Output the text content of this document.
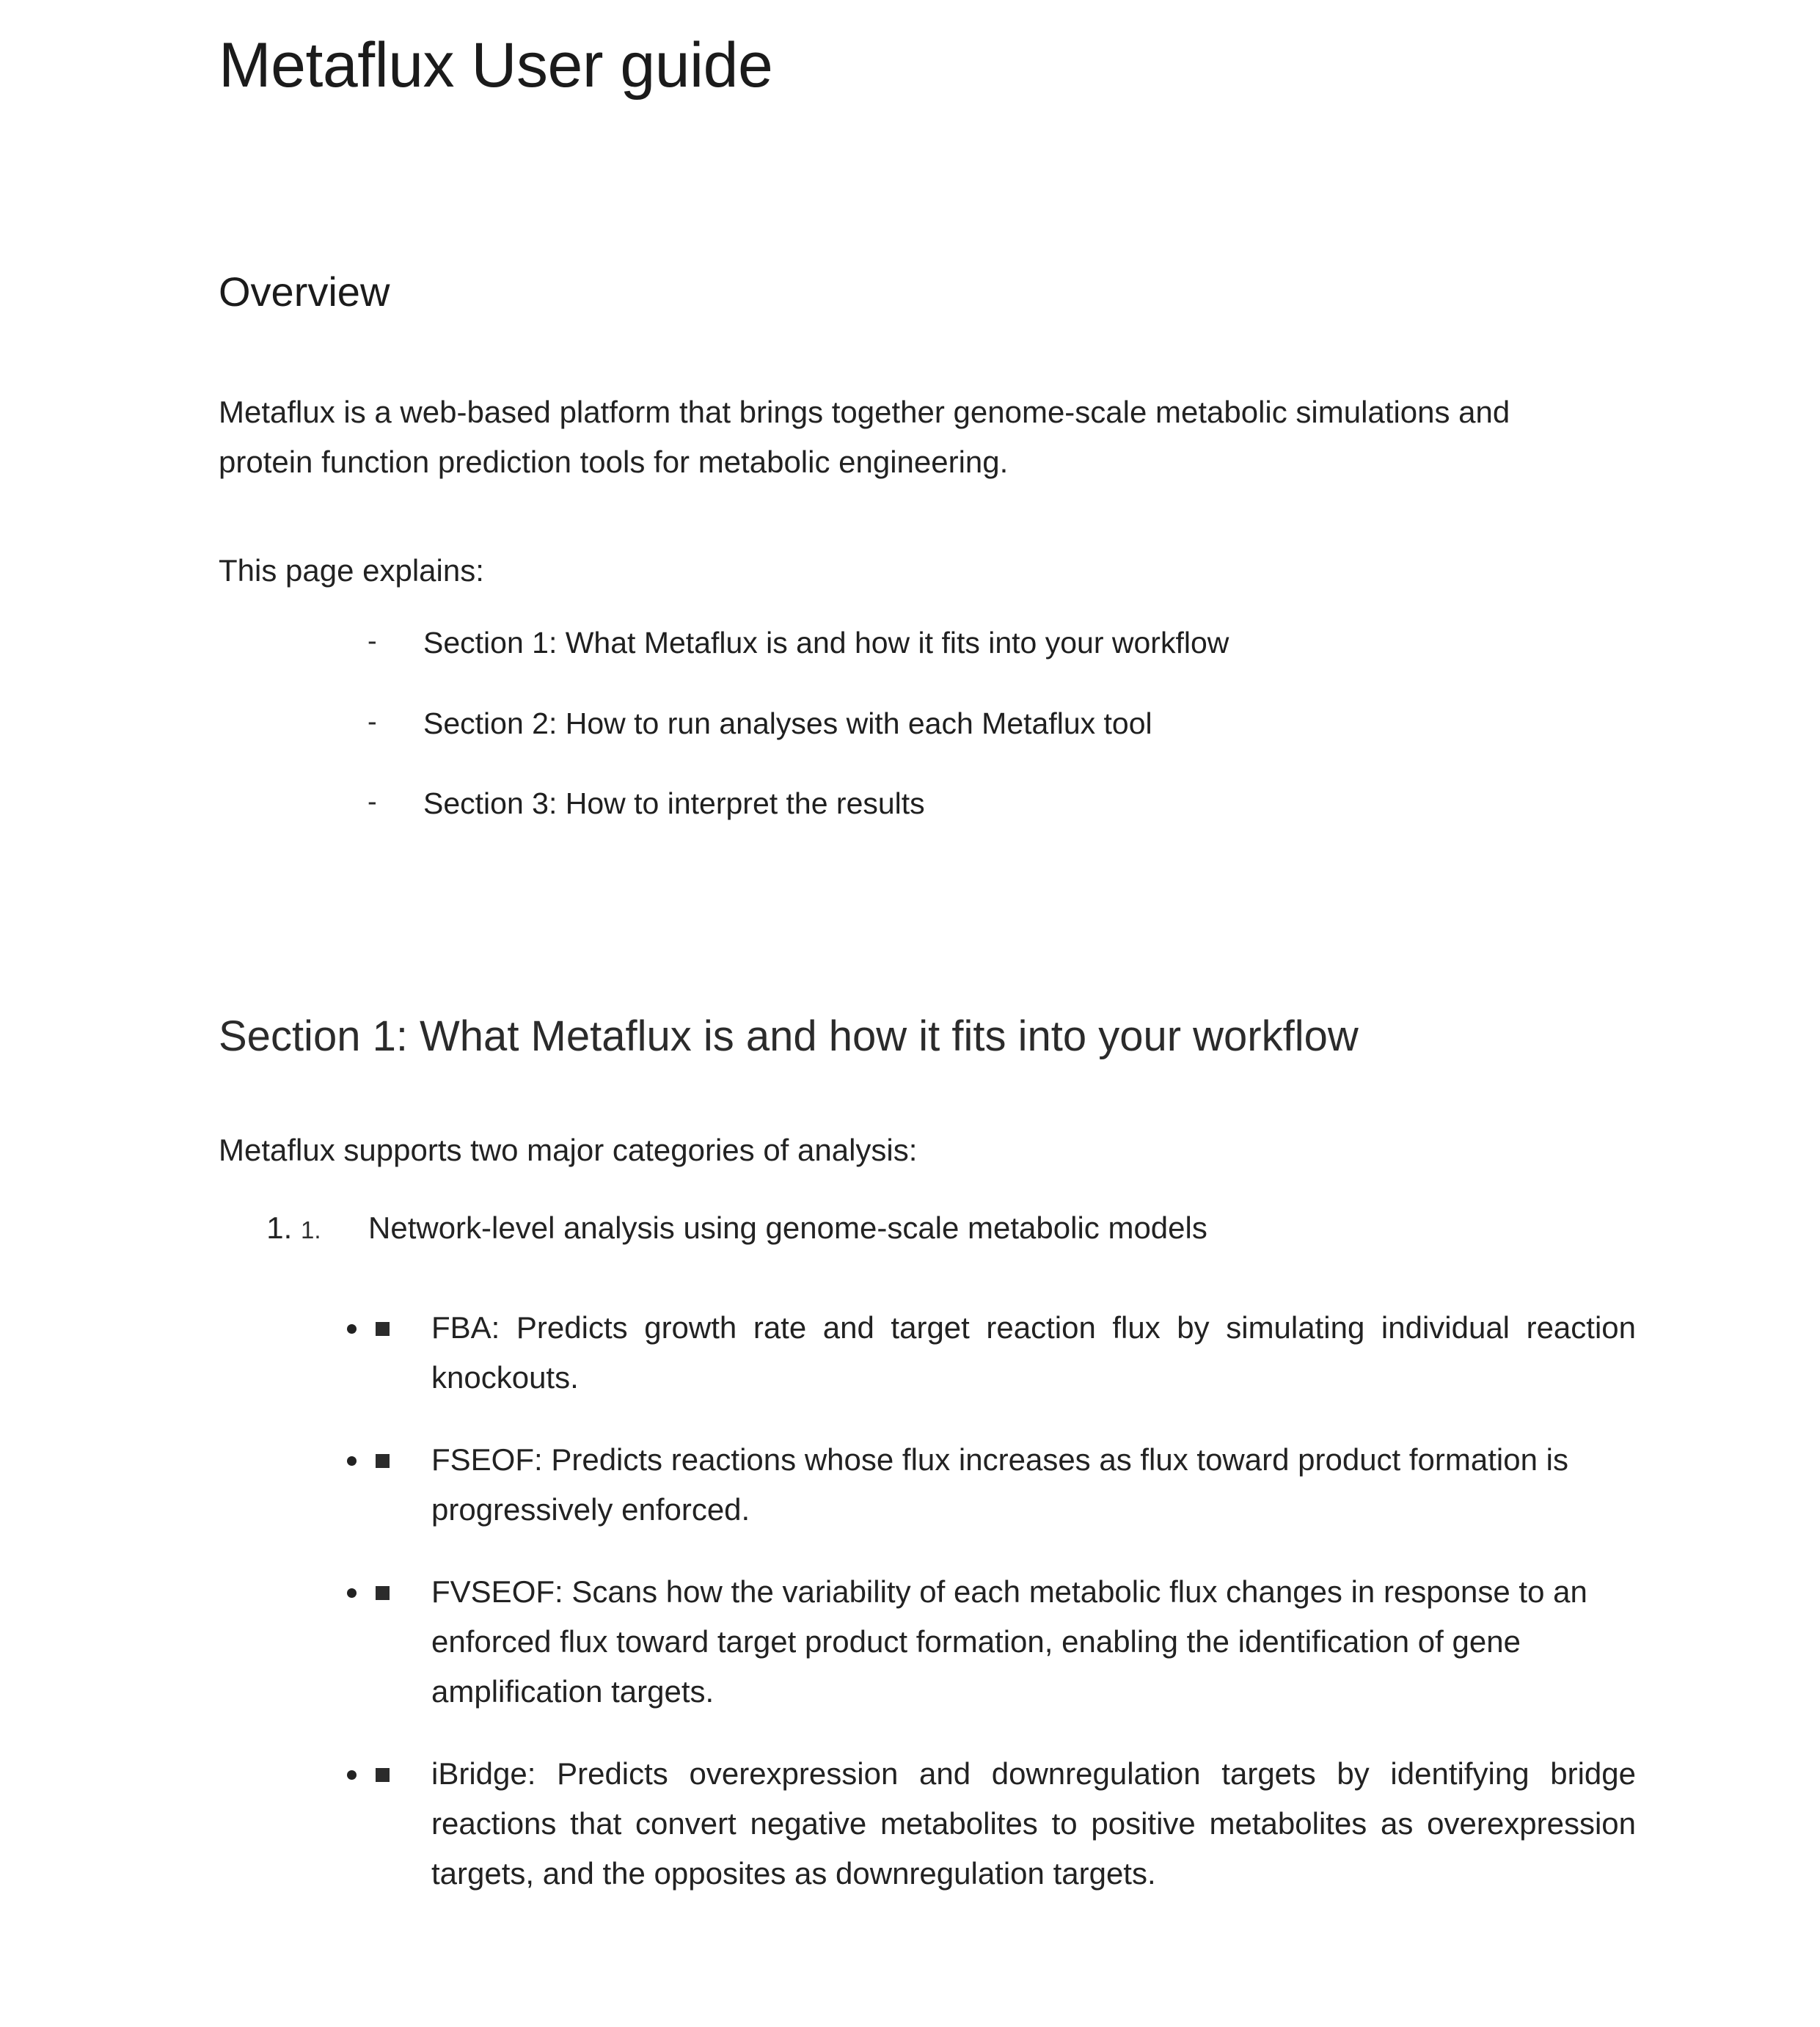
Metaflux User guide
Overview

Metaflux is a web-based platform that brings together genome-scale metabolic simulations and protein function prediction tools for metabolic engineering.

This page explains:

-	Section 1: What Metaflux is and how it fits into your workflow
-	Section 2: How to run analyses with each Metaflux tool
-	Section 3: How to interpret the results
Section 1: What Metaflux is and how it fits into your workflow

Metaflux supports two major categories of analysis:

1. 1.	Network-level analysis using genome-scale metabolic models
• FBA: Predicts growth rate and target reaction flux by simulating individual reaction knockouts.
• FSEOF: Predicts reactions whose flux increases as flux toward product formation is progressively enforced.
• FVSEOF: Scans how the variability of each metabolic flux changes in response to an enforced flux toward target product formation, enabling the identification of gene amplification targets.
• iBridge: Predicts overexpression and downregulation targets by identifying bridge reactions that convert negative metabolites to positive metabolites as overexpression targets, and the opposites as downregulation targets.
